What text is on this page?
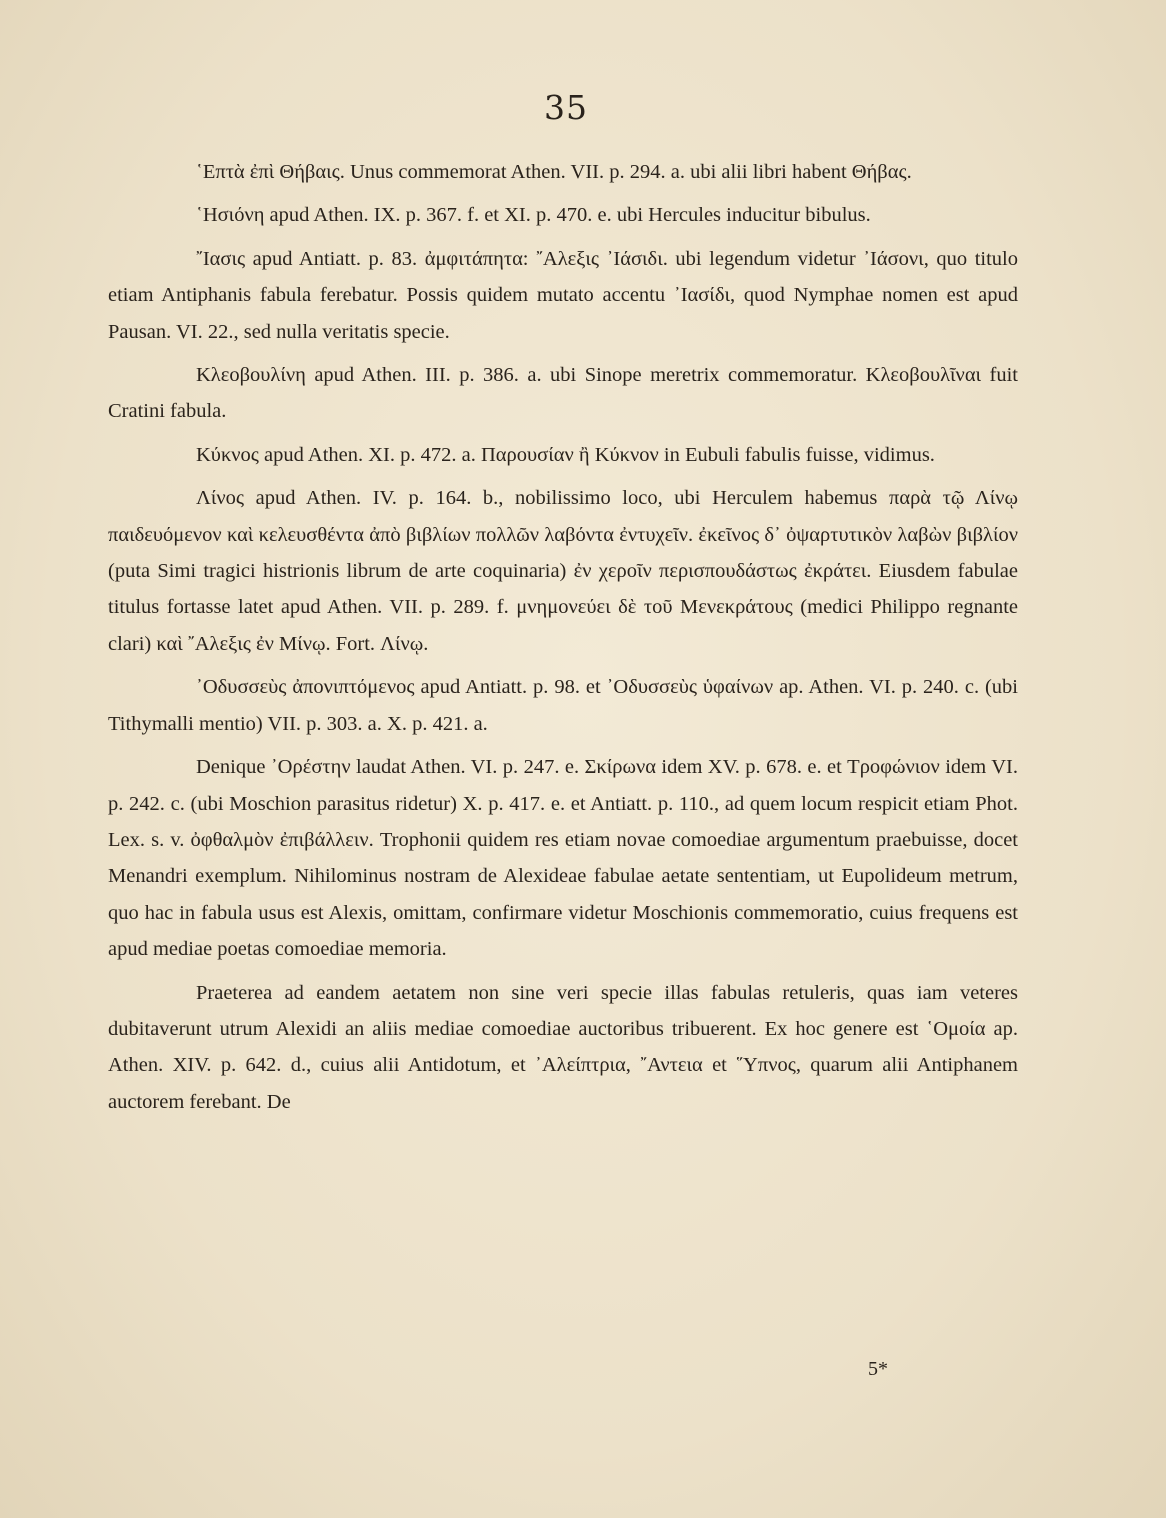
35

῾Επτὰ ἐπὶ Θήβαις. Unus commemorat Athen. VII. p. 294. a. ubi alii libri habent Θήβας.

῾Ησιόνη apud Athen. IX. p. 367. f. et XI. p. 470. e. ubi Hercules inducitur bibulus.

῎Ιασις apud Antiatt. p. 83. ἀμφιτάπητα: ῎Αλεξις ᾽Ιάσιδι. ubi legendum videtur ᾽Ιάσονι, quo titulo etiam Antiphanis fabula ferebatur. Possis quidem mutato accentu ᾽Ιασίδι, quod Nymphae nomen est apud Pausan. VI. 22., sed nulla veritatis specie.

Κλεοβουλίνη apud Athen. III. p. 386. a. ubi Sinope meretrix commemoratur. Κλεοβουλῖναι fuit Cratini fabula.

Κύκνος apud Athen. XI. p. 472. a. Παρουσίαν ἢ Κύκνον in Eubuli fabulis fuisse, vidimus.

Λίνος apud Athen. IV. p. 164. b., nobilissimo loco, ubi Herculem habemus παρὰ τῷ Λίνῳ παιδευόμενον καὶ κελευσθέντα ἀπὸ βιβλίων πολλῶν λαβόντα ἐντυχεῖν. ἐκεῖνος δ᾽ ὀψαρτυτικὸν λαβὼν βιβλίον (puta Simi tragici histrionis librum de arte coquinaria) ἐν χεροῖν περισπουδάστως ἐκράτει. Eiusdem fabulae titulus fortasse latet apud Athen. VII. p. 289. f. μνημονεύει δὲ τοῦ Μενεκράτους (medici Philippo regnante clari) καὶ ῎Αλεξις ἐν Μίνῳ. Fort. Λίνῳ.

᾽Οδυσσεὺς ἀπονιπτόμενος apud Antiatt. p. 98. et ᾽Οδυσσεὺς ὑφαίνων ap. Athen. VI. p. 240. c. (ubi Tithymalli mentio) VII. p. 303. a. X. p. 421. a.

Denique ᾽Ορέστην laudat Athen. VI. p. 247. e. Σκίρωνα idem XV. p. 678. e. et Τροφώνιον idem VI. p. 242. c. (ubi Moschion parasitus ridetur) X. p. 417. e. et Antiatt. p. 110., ad quem locum respicit etiam Phot. Lex. s. v. ὀφθαλμὸν ἐπιβάλλειν. Trophonii quidem res etiam novae comoediae argumentum praebuisse, docet Menandri exemplum. Nihilominus nostram de Alexideae fabulae aetate sententiam, ut Eupolideum metrum, quo hac in fabula usus est Alexis, omittam, confirmare videtur Moschionis commemoratio, cuius frequens est apud mediae poetas comoediae memoria.

Praeterea ad eandem aetatem non sine veri specie illas fabulas retuleris, quas iam veteres dubitaverunt utrum Alexidi an aliis mediae comoediae auctoribus tribuerent. Ex hoc genere est ῾Ομοία ap. Athen. XIV. p. 642. d., cuius alii Antidotum, et ᾽Αλείπτρια, ῎Αντεια et ῞Υπνος, quarum alii Antiphanem auctorem ferebant. De

5*
